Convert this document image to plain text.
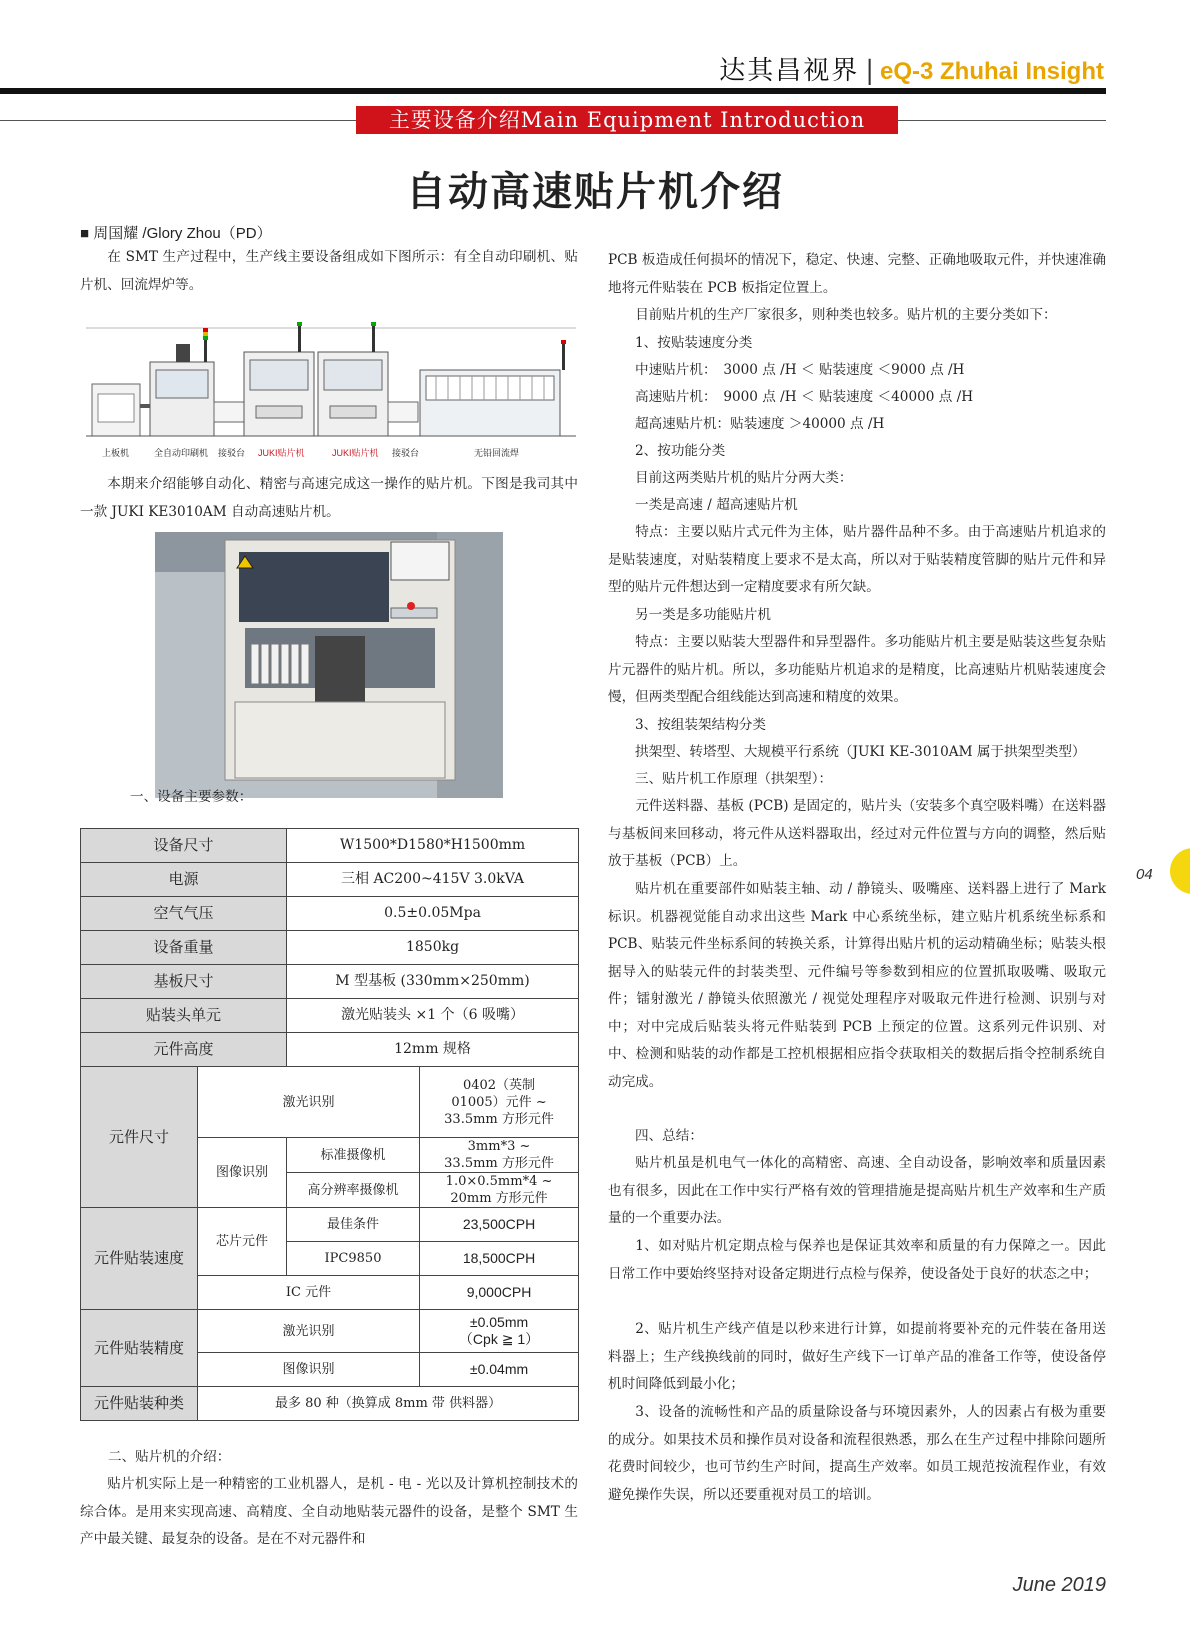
达其昌视界 | eQ-3 Zhuhai Insight
主要设备介绍Main Equipment Introduction
自动高速贴片机介绍
■ 周国耀 /Glory Zhou（PD）

在 SMT 生产过程中，生产线主要设备组成如下图所示：有全自动印刷机、贴片机、回流焊炉等。

上板机	全自动印刷机 接驳台 JUKI贴片机	JUKI贴片机 接驳台	无铅回流焊

本期来介绍能够自动化、精密与高速完成这一操作的贴片机。下图是我司其中一款 JUKI KE3010AM 自动高速贴片机。

一、设备主要参数：
设备尺寸		W1500*D1580*H1500mm	
电源		三相 AC200~415V 3.0kVA	
空气气压		0.5±0.05Mpa	
设备重量		1850kg	
基板尺寸		M 型基板 (330mm×250mm)	
贴装头单元		激光贴装头 ×1 个（6 吸嘴）	
元件高度		12mm 规格	
元件尺寸	激光识别		0402（英制
01005）元件 ~
33.5mm 方形元件

	图像识别	标准摄像机	3mm*3 ~
33.5mm 方形元件

		高分辨率摄像机	1.0×0.5mm*4 ~
20mm 方形元件

元件贴装速度	芯片元件	最佳条件	23,500CPH
		IPC9850	18,500CPH
	IC 元件		9,000CPH
元件贴装精度	激光识别		±0.05mm
（Cpk ≧ 1）

	图像识别		±0.04mm
元件贴装种类	最多 80 种（换算成 8mm 带 供料器）		
二、贴片机的介绍：

贴片机实际上是一种精密的工业机器人，是机 - 电 - 光以及计算机控制技术的综合体。是用来实现高速、高精度、全自动地贴装元器件的设备，是整个 SMT 生产中最关键、最复杂的设备。是在不对元器件和

PCB 板造成任何损坏的情况下，稳定、快速、完整、正确地吸取元件，并快速准确地将元件贴装在 PCB 板指定位置上。

目前贴片机的生产厂家很多，则种类也较多。贴片机的主要分类如下：

1、按贴装速度分类
中速贴片机：　3000 点 /H ＜ 贴装速度 ＜9000 点 /H
高速贴片机：　9000 点 /H ＜ 贴装速度 ＜40000 点 /H
超高速贴片机：贴装速度 ＞40000 点 /H
2、按功能分类
目前这两类贴片机的贴片分两大类：
一类是高速 / 超高速贴片机

特点：主要以贴片式元件为主体，贴片器件品种不多。由于高速贴片机追求的是贴装速度，对贴装精度上要求不是太高，所以对于贴装精度管脚的贴片元件和异型的贴片元件想达到一定精度要求有所欠缺。

另一类是多功能贴片机

特点：主要以贴装大型器件和异型器件。多功能贴片机主要是贴装这些复杂贴片元器件的贴片机。所以，多功能贴片机追求的是精度，比高速贴片机贴装速度会慢，但两类型配合组线能达到高速和精度的效果。

3、按组装架结构分类
拱架型、转塔型、大规模平行系统（JUKI KE-3010AM 属于拱架型类型）
三、贴片机工作原理（拱架型）：

元件送料器、基板 (PCB) 是固定的，贴片头（安装多个真空吸料嘴）在送料器与基板间来回移动，将元件从送料器取出，经过对元件位置与方向的调整，然后贴放于基板（PCB）上。

贴片机在重要部件如贴装主轴、动 / 静镜头、吸嘴座、送料器上进行了 Mark 标识。机器视觉能自动求出这些 Mark 中心系统坐标，建立贴片机系统坐标系和 PCB、贴装元件坐标系间的转换关系，计算得出贴片机的运动精确坐标；贴装头根据导入的贴装元件的封装类型、元件编号等参数到相应的位置抓取吸嘴、吸取元件；镭射激光 / 静镜头依照激光 / 视觉处理程序对吸取元件进行检测、识别与对中；对中完成后贴装头将元件贴装到 PCB 上预定的位置。这系列元件识别、对中、检测和贴装的动作都是工控机根据相应指令获取相关的数据后指令控制系统自动完成。

四、总结：

贴片机虽是机电气一体化的高精密、高速、全自动设备，影响效率和质量因素也有很多，因此在工作中实行严格有效的管理措施是提高贴片机生产效率和生产质量的一个重要办法。

1、如对贴片机定期点检与保养也是保证其效率和质量的有力保障之一。因此日常工作中要始终坚持对设备定期进行点检与保养，使设备处于良好的状态之中；

2、贴片机生产线产值是以秒来进行计算，如提前将要补充的元件装在备用送料器上；生产线换线前的同时，做好生产线下一订单产品的准备工作等，使设备停机时间降低到最小化；

3、设备的流畅性和产品的质量除设备与环境因素外，人的因素占有极为重要的成分。如果技术员和操作员对设备和流程很熟悉，那么在生产过程中排除问题所花费时间较少，也可节约生产时间，提高生产效率。如员工规范按流程作业，有效避免操作失误，所以还要重视对员工的培训。

04
June 2019
